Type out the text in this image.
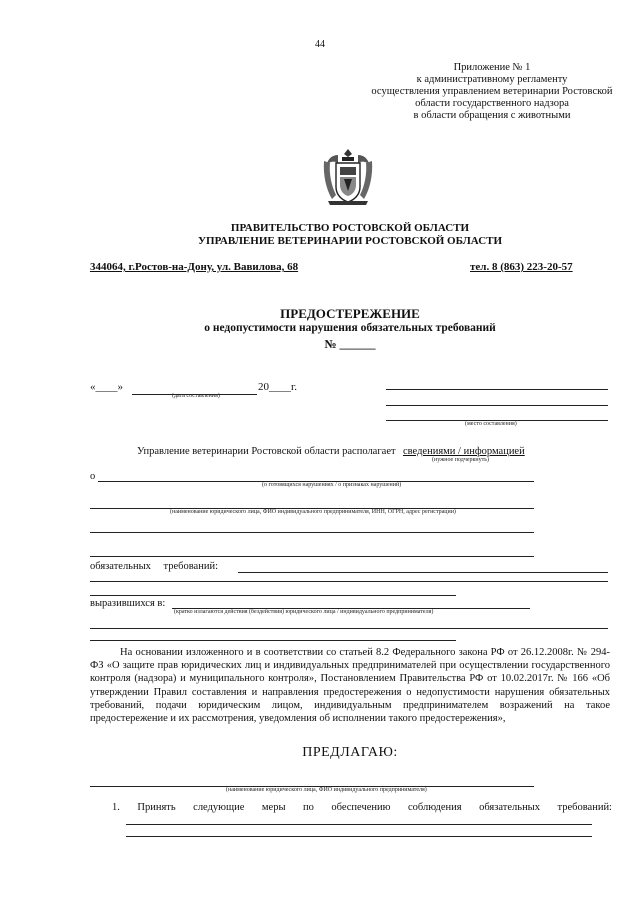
44
Приложение № 1
к административному регламенту
осуществления управлением ветеринарии Ростовской
области государственного надзора
в области обращения с животными
ПРАВИТЕЛЬСТВО РОСТОВСКОЙ ОБЛАСТИ
УПРАВЛЕНИЕ ВЕТЕРИНАРИИ РОСТОВСКОЙ ОБЛАСТИ
344064, г.Ростов-на-Дону, ул. Вавилова, 68	тел. 8 (863) 223-20-57
ПРЕДОСТЕРЕЖЕНИЕ
о недопустимости нарушения обязательных требований
№ ______
«____»	20____г.
(дата составления)
(место составления)
Управление ветеринарии Ростовской области располагает сведениями / информацией
(нужное подчеркнуть)
о
(о готовящихся нарушениях / о признаках нарушений)
(наименование юридического лица, ФИО индивидуального предпринимателя, ИНН, ОГРН, адрес регистрации)
обязательных требований:
выразившихся в:
(кратко излагаются действия (бездействия) юридического лица / индивидуального предпринимателя)
На основании изложенного и в соответствии со статьей 8.2 Федерального закона РФ от 26.12.2008г. № 294-ФЗ «О защите прав юридических лиц и индивидуальных предпринимателей при осуществлении государственного контроля (надзора) и муниципального контроля», Постановлением Правительства РФ от 10.02.2017г. № 166 «Об утверждении Правил составления и направления предостережения о недопустимости нарушения обязательных требований, подачи юридическим лицом, индивидуальным предпринимателем возражений на такое предостережение и их рассмотрения, уведомления об исполнении такого предостережения»,
ПРЕДЛАГАЮ:
(наименование юридического лица, ФИО индивидуального предпринимателя)
1. Принять следующие меры по обеспечению соблюдения обязательных требований:
